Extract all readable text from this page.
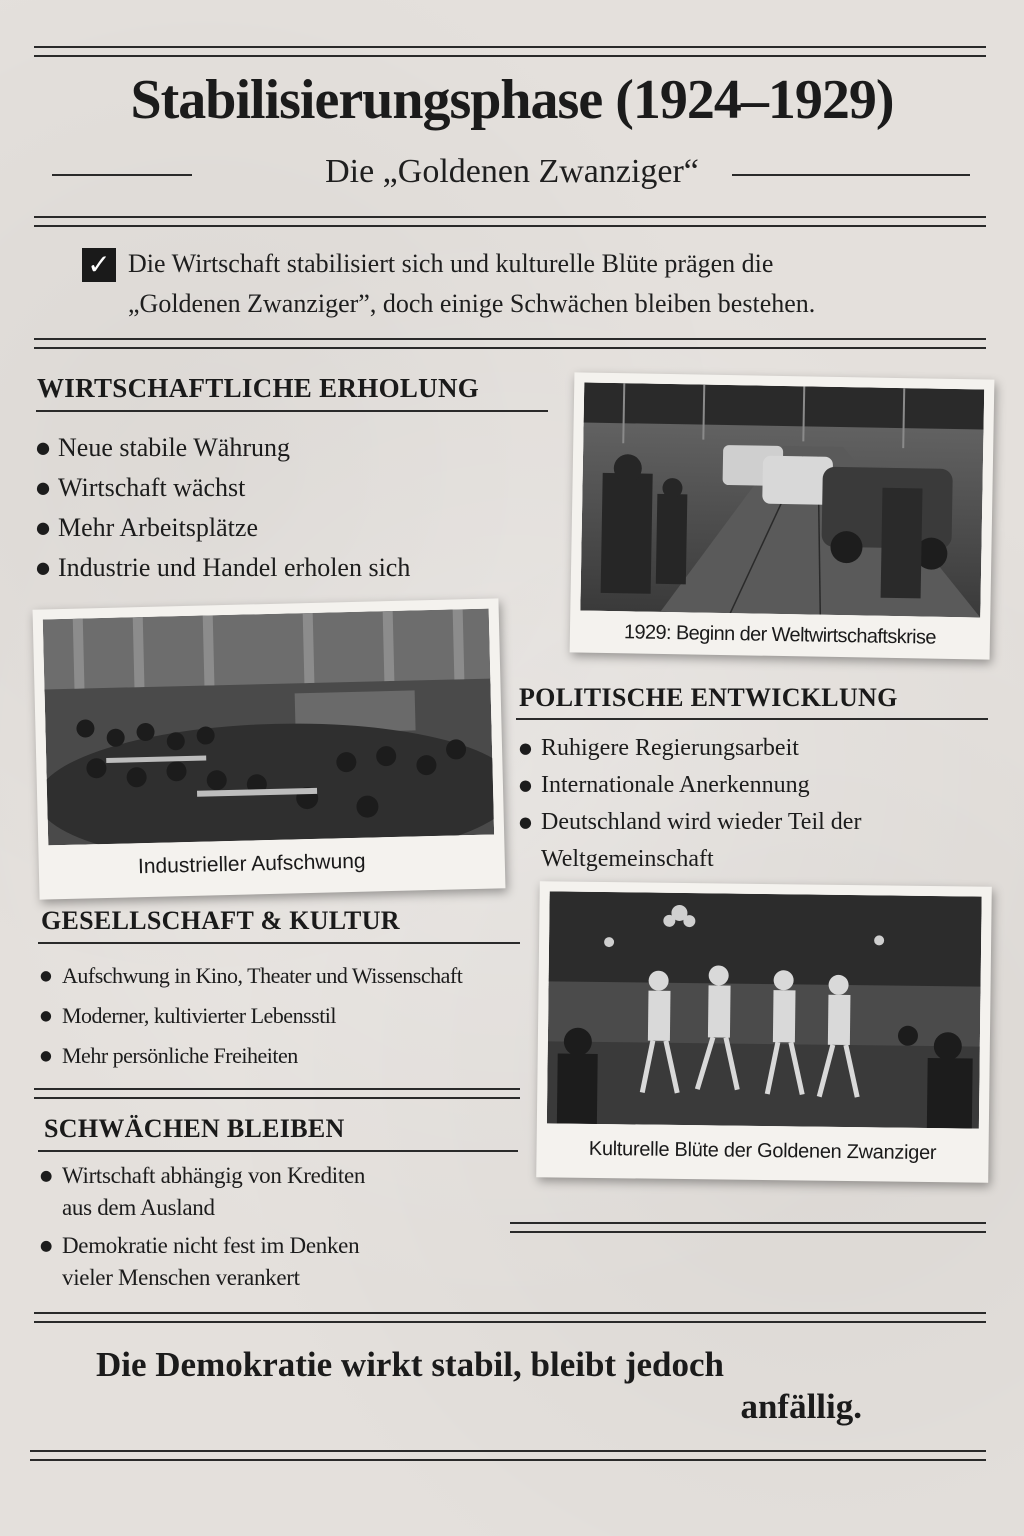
Stabilisierungsphase (1924–1929)
Die „Goldenen Zwanziger“
✓ Die Wirtschaft stabilisiert sich und kulturelle Blüte prägen die
„Goldenen Zwanziger”, doch einige Schwächen bleiben bestehen.
WIRTSCHAFTLICHE ERHOLUNG
● Neue stabile Währung
● Wirtschaft wächst
● Mehr Arbeitsplätze
● Industrie und Handel erholen sich
1929: Beginn der Weltwirtschaftskrise
Industrieller Aufschwung
POLITISCHE ENTWICKLUNG
● Ruhigere Regierungsarbeit
● Internationale Anerkennung
● Deutschland wird wieder Teil der
Weltgemeinschaft
GESELLSCHAFT & KULTUR
● Aufschwung in Kino, Theater und Wissenschaft
● Moderner, kultivierter Lebensstil
● Mehr persönliche Freiheiten
Kulturelle Blüte der Goldenen Zwanziger
SCHWÄCHEN BLEIBEN
● Wirtschaft abhängig von Krediten
aus dem Ausland
● Demokratie nicht fest im Denken
vieler Menschen verankert
Die Demokratie wirkt stabil, bleibt jedoch
anfällig.
